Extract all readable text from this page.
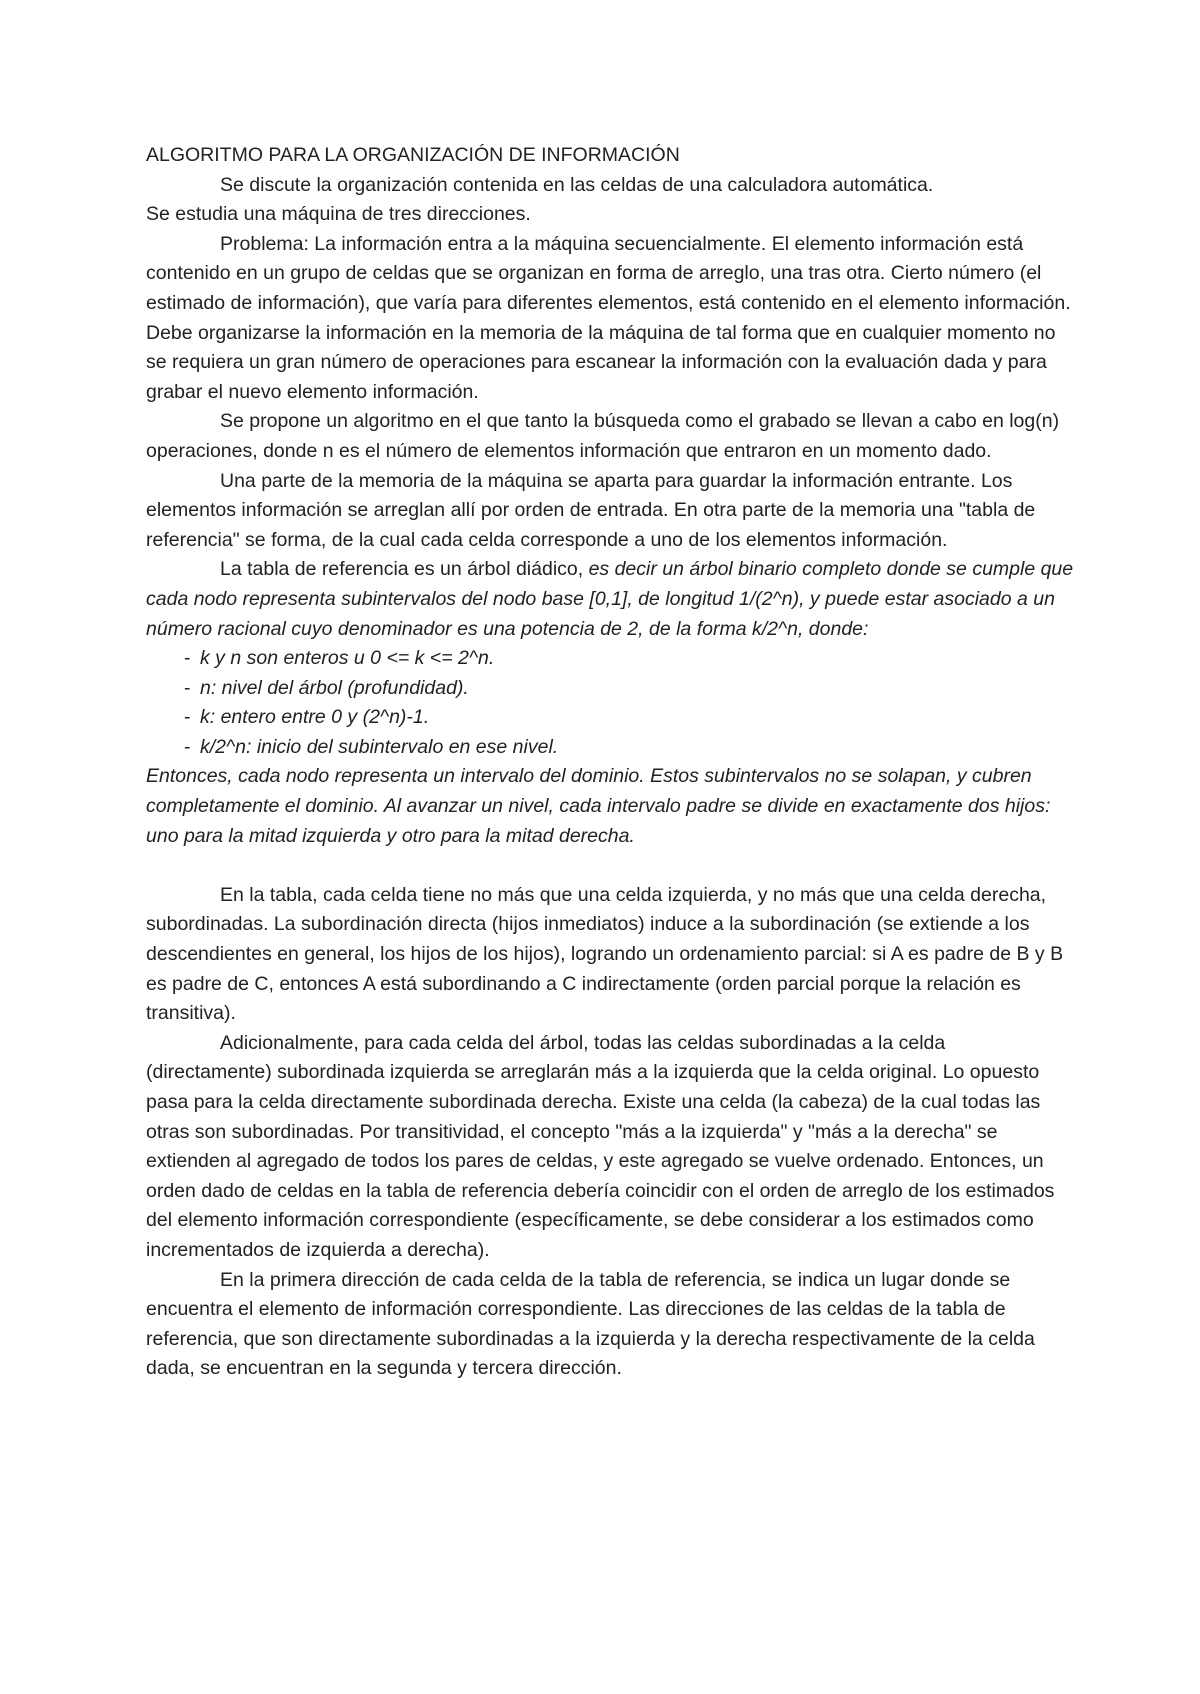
ALGORITMO PARA LA ORGANIZACIÓN DE INFORMACIÓN

Se discute la organización contenida en las celdas de una calculadora automática.

Se estudia una máquina de tres direcciones.

Problema: La información entra a la máquina secuencialmente. El elemento información está contenido en un grupo de celdas que se organizan en forma de arreglo, una tras otra. Cierto número (el estimado de información), que varía para diferentes elementos, está contenido en el elemento información. Debe organizarse la información en la memoria de la máquina de tal forma que en cualquier momento no se requiera un gran número de operaciones para escanear la información con la evaluación dada y para grabar el nuevo elemento información.

Se propone un algoritmo en el que tanto la búsqueda como el grabado se llevan a cabo en log(n) operaciones, donde n es el número de elementos información que entraron en un momento dado.

Una parte de la memoria de la máquina se aparta para guardar la información entrante. Los elementos información se arreglan allí por orden de entrada. En otra parte de la memoria una "tabla de referencia" se forma, de la cual cada celda corresponde a uno de los elementos información.

La tabla de referencia es un árbol diádico, es decir un árbol binario completo donde se cumple que cada nodo representa subintervalos del nodo base [0,1], de longitud 1/(2^n), y puede estar asociado a un número racional cuyo denominador es una potencia de 2, de la forma k/2^n, donde:

- k y n son enteros u 0 <= k <= 2^n.
- n: nivel del árbol (profundidad).
- k: entero entre 0 y (2^n)-1.
- k/2^n: inicio del subintervalo en ese nivel.

Entonces, cada nodo representa un intervalo del dominio. Estos subintervalos no se solapan, y cubren completamente el dominio. Al avanzar un nivel, cada intervalo padre se divide en exactamente dos hijos: uno para la mitad izquierda y otro para la mitad derecha.

En la tabla, cada celda tiene no más que una celda izquierda, y no más que una celda derecha, subordinadas. La subordinación directa (hijos inmediatos) induce a la subordinación (se extiende a los descendientes en general, los hijos de los hijos), logrando un ordenamiento parcial: si A es padre de B y B es padre de C, entonces A está subordinando a C indirectamente (orden parcial porque la relación es transitiva).

Adicionalmente, para cada celda del árbol, todas las celdas subordinadas a la celda (directamente) subordinada izquierda se arreglarán más a la izquierda que la celda original. Lo opuesto pasa para la celda directamente subordinada derecha. Existe una celda (la cabeza) de la cual todas las otras son subordinadas. Por transitividad, el concepto "más a la izquierda" y "más a la derecha" se extienden al agregado de todos los pares de celdas, y este agregado se vuelve ordenado. Entonces, un orden dado de celdas en la tabla de referencia debería coincidir con el orden de arreglo de los estimados del elemento información correspondiente (específicamente, se debe considerar a los estimados como incrementados de izquierda a derecha).

En la primera dirección de cada celda de la tabla de referencia, se indica un lugar donde se encuentra el elemento de información correspondiente. Las direcciones de las celdas de la tabla de referencia, que son directamente subordinadas a la izquierda y la derecha respectivamente de la celda dada, se encuentran en la segunda y tercera dirección.
